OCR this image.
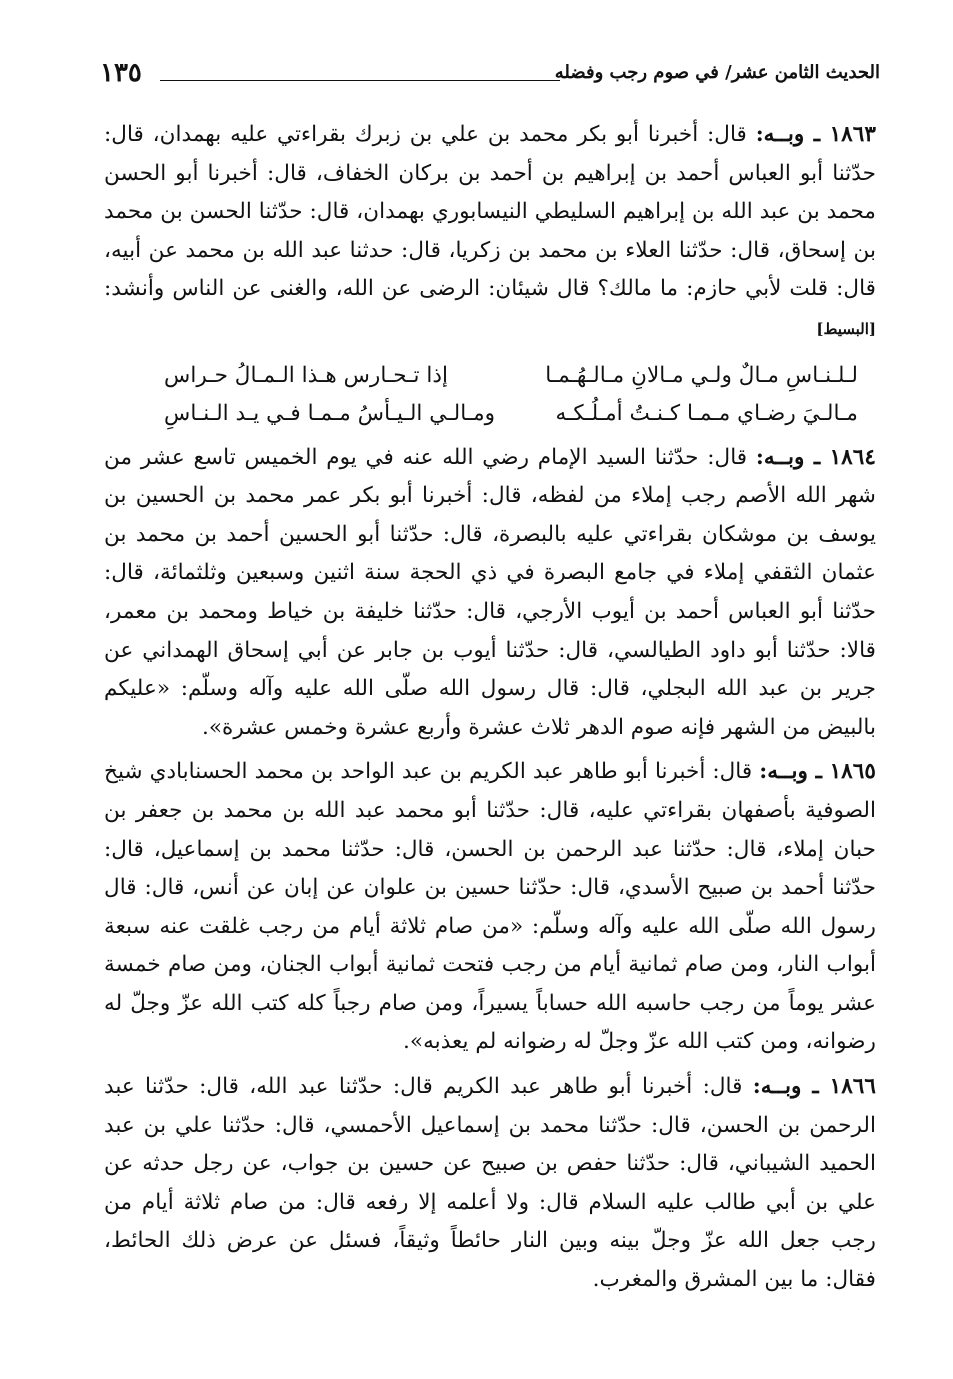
الحديث الثامن عشر/ في صوم رجب وفضله
١٣٥

١٨٦٣ ـ وبــه: قال: أخبرنا أبو بكر محمد بن علي بن زبرك بقراءتي عليه بهمدان، قال: حدّثنا أبو العباس أحمد بن إبراهيم بن أحمد بن بركان الخفاف، قال: أخبرنا أبو الحسن محمد بن عبد الله بن إبراهيم السليطي النيسابوري بهمدان، قال: حدّثنا الحسن بن محمد بن إسحاق، قال: حدّثنا العلاء بن محمد بن زكريا، قال: حدثنا عبد الله بن محمد عن أبيه، قال: قلت لأبي حازم: ما مالك؟ قال شيئان: الرضى عن الله، والغنى عن الناس وأنشد: [البسيط]

لـلـنـاسِ مـالٌ ولـي مـالانِ مـالـهُـمـا
إذا تـحـارس هـذا الـمـالُ حـراس
مـالـيَ رضـاي مـمـا كـنـتُ أمـلُـكـه
ومـالـي الـيـأسُ مـمـا فـي يـد الـنـاسِ

١٨٦٤ ـ وبــه: قال: حدّثنا السيد الإمام رضي الله عنه في يوم الخميس تاسع عشر من شهر الله الأصم رجب إملاء من لفظه، قال: أخبرنا أبو بكر عمر محمد بن الحسين بن يوسف بن موشكان بقراءتي عليه بالبصرة، قال: حدّثنا أبو الحسين أحمد بن محمد بن عثمان الثقفي إملاء في جامع البصرة في ذي الحجة سنة اثنين وسبعين وثلثمائة، قال: حدّثنا أبو العباس أحمد بن أيوب الأرجي، قال: حدّثنا خليفة بن خياط ومحمد بن معمر، قالا: حدّثنا أبو داود الطيالسي، قال: حدّثنا أيوب بن جابر عن أبي إسحاق الهمداني عن جرير بن عبد الله البجلي، قال: قال رسول الله صلّى الله عليه وآله وسلّم: «عليكم بالبيض من الشهر فإنه صوم الدهر ثلاث عشرة وأربع عشرة وخمس عشرة».

١٨٦٥ ـ وبــه: قال: أخبرنا أبو طاهر عبد الكريم بن عبد الواحد بن محمد الحسنابادي شيخ الصوفية بأصفهان بقراءتي عليه، قال: حدّثنا أبو محمد عبد الله بن محمد بن جعفر بن حبان إملاء، قال: حدّثنا عبد الرحمن بن الحسن، قال: حدّثنا محمد بن إسماعيل، قال: حدّثنا أحمد بن صبيح الأسدي، قال: حدّثنا حسين بن علوان عن إبان عن أنس، قال: قال رسول الله صلّى الله عليه وآله وسلّم: «من صام ثلاثة أيام من رجب غلقت عنه سبعة أبواب النار، ومن صام ثمانية أيام من رجب فتحت ثمانية أبواب الجنان، ومن صام خمسة عشر يوماً من رجب حاسبه الله حساباً يسيراً، ومن صام رجباً كله كتب الله عزّ وجلّ له رضوانه، ومن كتب الله عزّ وجلّ له رضوانه لم يعذبه».

١٨٦٦ ـ وبــه: قال: أخبرنا أبو طاهر عبد الكريم قال: حدّثنا عبد الله، قال: حدّثنا عبد الرحمن بن الحسن، قال: حدّثنا محمد بن إسماعيل الأحمسي، قال: حدّثنا علي بن عبد الحميد الشيباني، قال: حدّثنا حفص بن صبيح عن حسين بن جواب، عن رجل حدثه عن علي بن أبي طالب عليه السلام قال: ولا أعلمه إلا رفعه قال: من صام ثلاثة أيام من رجب جعل الله عزّ وجلّ بينه وبين النار حائطاً وثيقاً، فسئل عن عرض ذلك الحائط، فقال: ما بين المشرق والمغرب.
